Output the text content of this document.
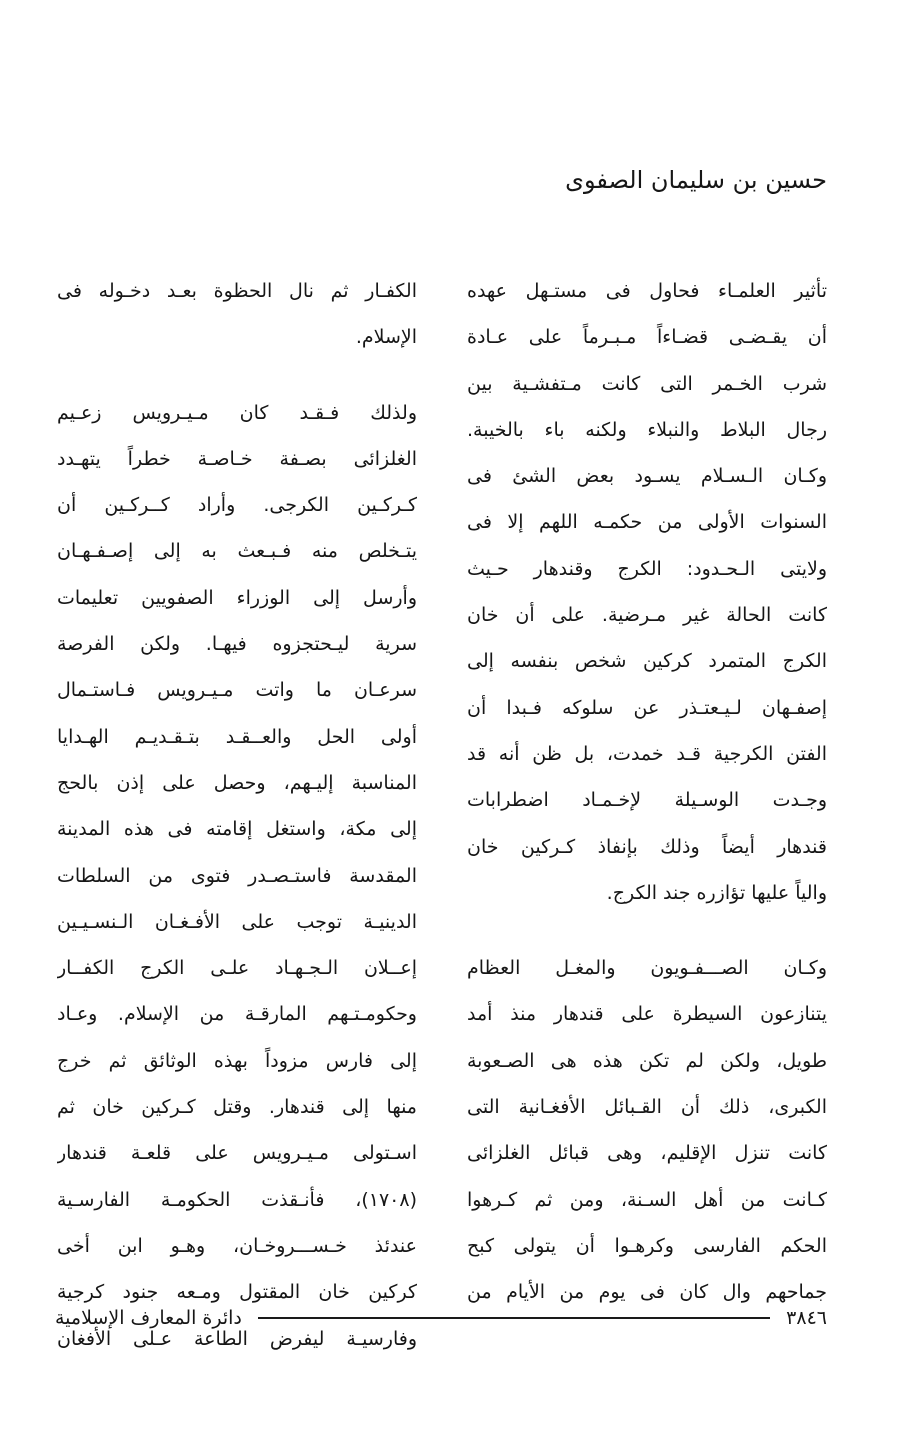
حسين بن سليمان الصفوى
تأثير العلمـاء فحاول فى مستـهل عهده
أن يقـضـى قضـاءاً مـبـرماً على عـادة
شرب الخـمر التى كانت مـتفشـية بين
رجال البلاط والنبلاء ولكنه باء بالخيبة.
وكـان الـسـلام يسـود بعض الشئ فى
السنوات الأولى من حكمـه اللهم إلا فى
ولايتى الـحـدود: الكرج وقندهار حـيث
كانت الحالة غير مـرضية. على أن خان
الكرج المتمرد كركين شخص بنفسه إلى
إصفـهان لـيـعتـذر عن سلوكه فـبدا أن
الفتن الكرجية قـد خمدت، بل ظن أنه قد
وجـدت الوسـيلة لإخـمـاد اضطرابات
قندهار أيضاً وذلك بإنفاذ كـركين خان
والياً عليها تؤازره جند الكرج.
وكـان الصـــفـويون والمغـل العظام
يتنازعون السيطرة على قندهار منذ أمد
طويل، ولكن لم تكن هذه هى الصـعوبة
الكبرى، ذلك أن القـبائل الأفغـانية التى
كانت تنزل الإقليم، وهى قبائل الغلزائى
كـانت من أهل السـنة، ومن ثم كـرهوا
الحكم الفارسى وكرهـوا أن يتولى كبح
جماحهم وال كان فى يوم من الأيام من
الكفـار ثم نال الحظوة بعـد دخـوله فى
الإسلام.
ولذلك فـقـد كان مـيـرويس زعـيم
الغلزائى بصـفة خـاصـة خطراً يتهـدد
كـركـين الكرجى. وأراد كــركـين أن
يتـخلص منه فـبـعث به إلى إصـفـهـان
وأرسل إلى الوزراء الصفويين تعليمات
سرية ليـحتجزوه فيهـا. ولكن الفرصة
سرعـان ما واتت مـيـرويس فـاستـمال
أولى الحل والعــقـد بتـقـديـم الهـدايا
المناسبة إليـهم، وحصل على إذن بالحج
إلى مكة، واستغل إقامته فى هذه المدينة
المقدسة فاستـصـدر فتوى من السلطات
الدينيـة توجب على الأفـغـان الـنسـيـين
إعــلان الـجـهـاد علـى الكرج الكفــار
وحكومـتـهم المارقـة من الإسلام. وعـاد
إلى فارس مزوداً بهذه الوثائق ثم خرج
منها إلى قندهار. وقتل كـركين خان ثم
اسـتولى مـيـرويس على قلعـة قندهار
(١٧٠٨)، فأنـقذت الحكومـة الفارسـية
عندئذ خـســـروخـان، وهـو ابن أخى
كركين خان المقتول ومـعه جنود كرجية
وفارسيـة ليفرض الطاعة عـلى الأفغان
٣٨٤٦
دائرة المعارف الإسلامية
